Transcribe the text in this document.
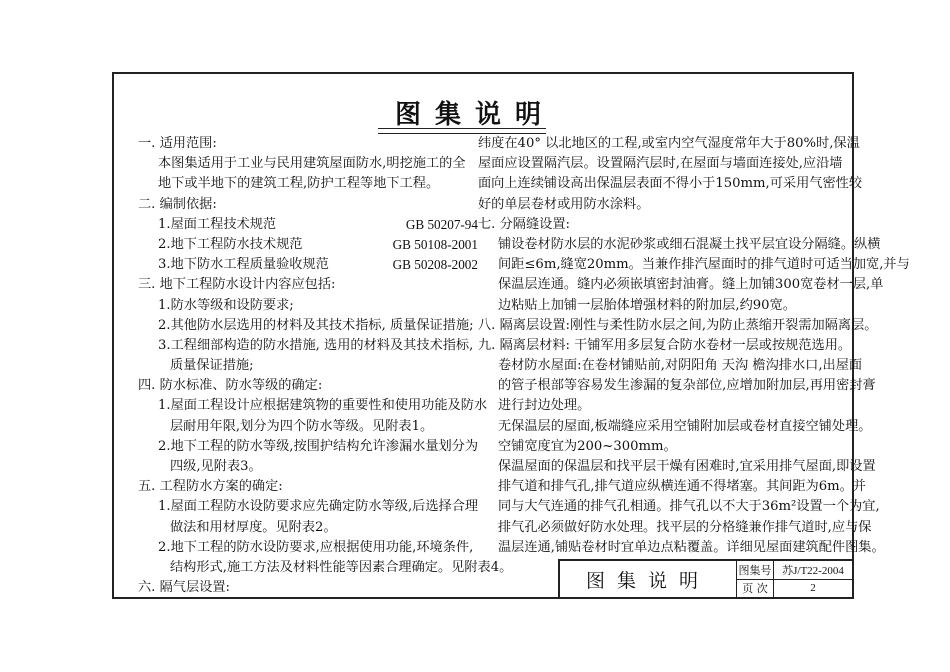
图集说明
一. 适用范围:
本图集适用于工业与民用建筑屋面防水,明挖施工的全
地下或半地下的建筑工程,防护工程等地下工程。
二. 编制依据:
1.屋面工程技术规范	GB 50207-94
2.地下工程防水技术规范	GB 50108-2001
3.地下防水工程质量验收规范	GB 50208-2002
三. 地下工程防水设计内容应包括:
1.防水等级和设防要求;
2.其他防水层选用的材料及其技术指标, 质量保证措施;
3.工程细部构造的防水措施, 选用的材料及其技术指标,
质量保证措施;
四. 防水标准、防水等级的确定:
1.屋面工程设计应根据建筑物的重要性和使用功能及防水
层耐用年限,划分为四个防水等级。见附表1。
2.地下工程的防水等级,按围护结构允许渗漏水量划分为
四级,见附表3。
五. 工程防水方案的确定:
1.屋面工程防水设防要求应先确定防水等级,后选择合理
做法和用材厚度。见附表2。
2.地下工程的防水设防要求,应根据使用功能,环境条件,
结构形式,施工方法及材料性能等因素合理确定。见附表4。
六. 隔气层设置:
纬度在40° 以北地区的工程,或室内空气湿度常年大于80%时,保温
屋面应设置隔汽层。设置隔汽层时,在屋面与墙面连接处,应沿墙
面向上连续铺设高出保温层表面不得小于150mm,可采用气密性较
好的单层卷材或用防水涂料。
七. 分隔缝设置:
铺设卷材防水层的水泥砂浆或细石混凝土找平层宜设分隔缝。纵横
间距≤6m,缝宽20mm。当兼作排汽屋面时的排气道时可适当加宽,并与
保温层连通。缝内必须嵌填密封油膏。缝上加铺300宽卷材一层,单
边粘贴上加铺一层胎体增强材料的附加层,约90宽。
八. 隔离层设置:刚性与柔性防水层之间,为防止蒸缩开裂需加隔离层。
九. 隔离层材料: 干铺军用多层复合防水卷材一层或按规范选用。
卷材防水屋面:在卷材铺贴前,对阴阳角 天沟 檐沟排水口,出屋面
的管子根部等容易发生渗漏的复杂部位,应增加附加层,再用密封膏
进行封边处理。
无保温层的屋面,板端缝应采用空铺附加层或卷材直接空铺处理。
空铺宽度宜为200~300mm。
保温屋面的保温层和找平层干燥有困难时,宜采用排气屋面,即设置
排气道和排气孔,排气道应纵横连通不得堵塞。其间距为6m。并
同与大气连通的排气孔相通。排气孔以不大于36m²设置一个为宜,
排气孔必须做好防水处理。找平层的分格缝兼作排气道时,应与保
温层连通,铺贴卷材时宜单边点粘覆盖。详细见屋面建筑配件图集。
图集说明	图集号 苏J/T22-2004
页 次	2
